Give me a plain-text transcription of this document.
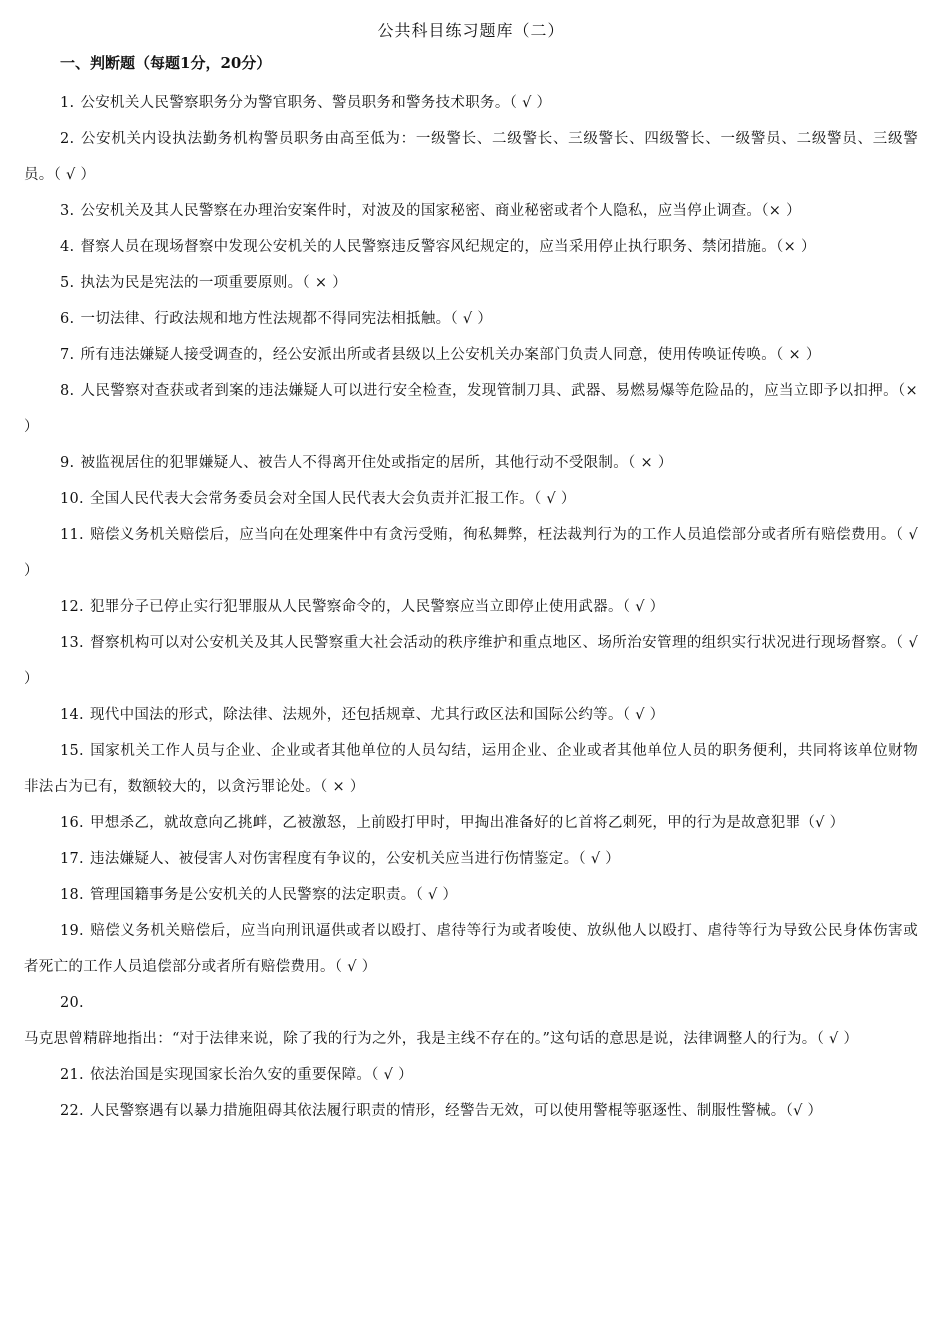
公共科目练习题库（二）
一、判断题（每题1分，20分）

1. 公安机关人民警察职务分为警官职务、警员职务和警务技术职务。（ √ ）

2. 公安机关内设执法勤务机构警员职务由高至低为：一级警长、二级警长、三级警长、四级警长、一级警员、二级警员、三级警员。（ √ ）

3. 公安机关及其人民警察在办理治安案件时，对波及的国家秘密、商业秘密或者个人隐私，应当停止调查。（× ）

4. 督察人员在现场督察中发现公安机关的人民警察违反警容风纪规定的，应当采用停止执行职务、禁闭措施。（× ）

5. 执法为民是宪法的一项重要原则。（ × ）

6. 一切法律、行政法规和地方性法规都不得同宪法相抵触。（ √ ）

7. 所有违法嫌疑人接受调查的，经公安派出所或者县级以上公安机关办案部门负责人同意，使用传唤证传唤。（ × ）

8. 人民警察对查获或者到案的违法嫌疑人可以进行安全检查，发现管制刀具、武器、易燃易爆等危险品的，应当立即予以扣押。（× ）

9. 被监视居住的犯罪嫌疑人、被告人不得离开住处或指定的居所，其他行动不受限制。（ × ）

10. 全国人民代表大会常务委员会对全国人民代表大会负责并汇报工作。（ √ ）

11. 赔偿义务机关赔偿后，应当向在处理案件中有贪污受贿，徇私舞弊，枉法裁判行为的工作人员追偿部分或者所有赔偿费用。（ √ ）

12. 犯罪分子已停止实行犯罪服从人民警察命令的，人民警察应当立即停止使用武器。（ √ ）

13. 督察机构可以对公安机关及其人民警察重大社会活动的秩序维护和重点地区、场所治安管理的组织实行状况进行现场督察。（ √ ）

14. 现代中国法的形式，除法律、法规外，还包括规章、尤其行政区法和国际公约等。（ √ ）

15. 国家机关工作人员与企业、企业或者其他单位的人员勾结，运用企业、企业或者其他单位人员的职务便利，共同将该单位财物非法占为已有，数额较大的，以贪污罪论处。（ × ）

16. 甲想杀乙，就故意向乙挑衅，乙被激怒，上前殴打甲时，甲掏出准备好的匕首将乙刺死，甲的行为是故意犯罪（√ ）

17. 违法嫌疑人、被侵害人对伤害程度有争议的，公安机关应当进行伤情鉴定。（ √ ）

18. 管理国籍事务是公安机关的人民警察的法定职责。（ √ ）

19. 赔偿义务机关赔偿后，应当向刑讯逼供或者以殴打、虐待等行为或者唆使、放纵他人以殴打、虐待等行为导致公民身体伤害或者死亡的工作人员追偿部分或者所有赔偿费用。（ √ ）

20.马克思曾精辟地指出：“对于法律来说，除了我的行为之外，我是主线不存在的。”这句话的意思是说，法律调整人的行为。（ √ ）

21. 依法治国是实现国家长治久安的重要保障。（ √ ）

22. 人民警察遇有以暴力措施阻碍其依法履行职责的情形，经警告无效，可以使用警棍等驱逐性、制服性警械。（√ ）
